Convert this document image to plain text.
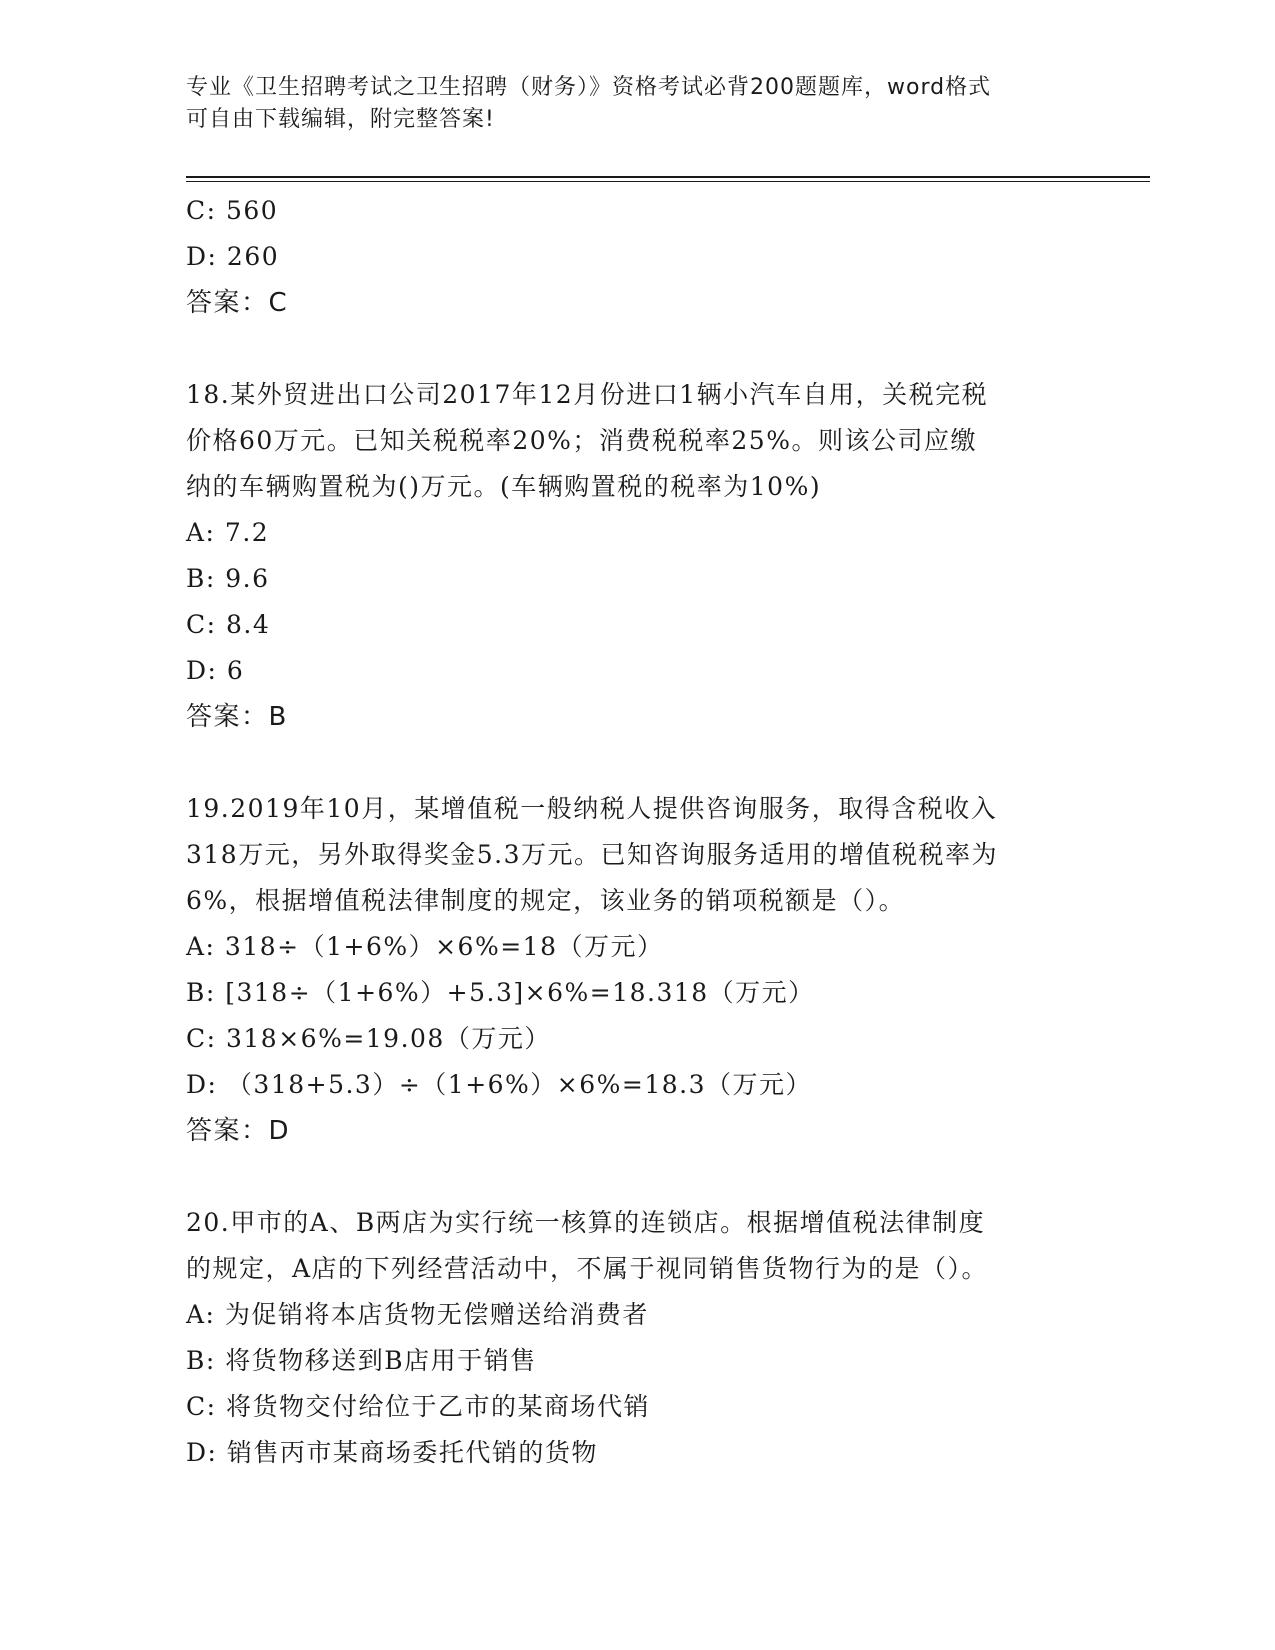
专业《卫生招聘考试之卫生招聘（财务）》资格考试必背200题题库，word格式
可自由下载编辑，附完整答案!
C: 560
D: 260
答案：C
18.某外贸进出口公司2017年12月份进口1辆小汽车自用，关税完税
价格60万元。已知关税税率20%；消费税税率25%。则该公司应缴
纳的车辆购置税为()万元。(车辆购置税的税率为10%)
A: 7.2
B: 9.6
C: 8.4
D: 6
答案：B
19.2019年10月，某增值税一般纳税人提供咨询服务，取得含税收入
318万元，另外取得奖金5.3万元。已知咨询服务适用的增值税税率为
6%，根据增值税法律制度的规定，该业务的销项税额是（）。
A: 318÷（1+6%）×6%=18（万元）
B: [318÷（1+6%）+5.3]×6%=18.318（万元）
C: 318×6%=19.08（万元）
D: （318+5.3）÷（1+6%）×6%=18.3（万元）
答案：D
20.甲市的A、B两店为实行统一核算的连锁店。根据增值税法律制度
的规定，A店的下列经营活动中，不属于视同销售货物行为的是（）。
A: 为促销将本店货物无偿赠送给消费者
B: 将货物移送到B店用于销售
C: 将货物交付给位于乙市的某商场代销
D: 销售丙市某商场委托代销的货物
